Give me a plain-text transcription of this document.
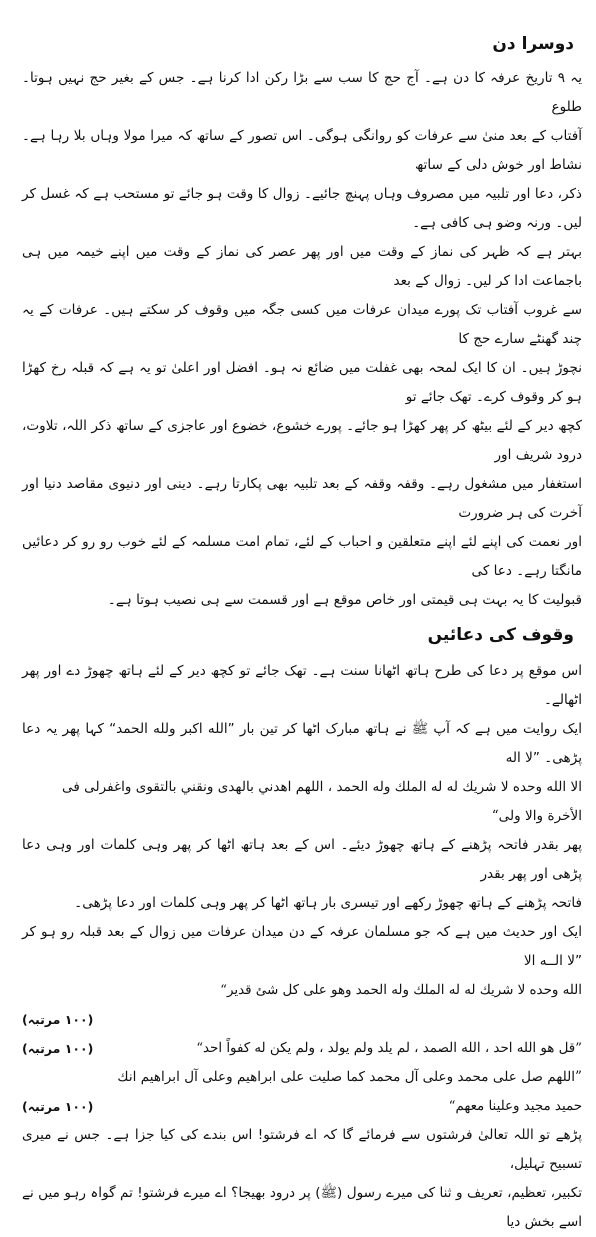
دوسرا دن

یہ ۹ تاریخ عرفہ کا دن ہے۔ آج حج کا سب سے بڑا رکن ادا کرنا ہے۔ جس کے بغیر حج نہیں ہوتا۔ طلوع

آفتاب کے بعد منیٰ سے عرفات کو روانگی ہوگی۔ اس تصور کے ساتھ کہ میرا مولا وہاں بلا رہا ہے۔ نشاط اور خوش دلی کے ساتھ

ذکر، دعا اور تلبیہ میں مصروف وہاں پہنچ جائیے۔ زوال کا وقت ہو جائے تو مستحب ہے کہ غسل کر لیں۔ ورنہ وضو ہی کافی ہے۔

بہتر ہے کہ ظہر کی نماز کے وقت میں اور پھر عصر کی نماز کے وقت میں اپنے خیمہ میں ہی باجماعت ادا کر لیں۔ زوال کے بعد

سے غروب آفتاب تک پورے میدان عرفات میں کسی جگہ میں وقوف کر سکتے ہیں۔ عرفات کے یہ چند گھنٹے سارے حج کا

نچوڑ ہیں۔ ان کا ایک لمحہ بھی غفلت میں ضائع نہ ہو۔ افضل اور اعلیٰ تو یہ ہے کہ قبلہ رخ کھڑا ہو کر وقوف کرے۔ تھک جائے تو

کچھ دیر کے لئے بیٹھ کر پھر کھڑا ہو جائے۔ پورے خشوع، خضوع اور عاجزی کے ساتھ ذکر اللہ، تلاوت، درود شریف اور

استغفار میں مشغول رہے۔ وقفہ وقفہ کے بعد تلبیہ بھی پکارتا رہے۔ دینی اور دنیوی مقاصد دنیا اور آخرت کی ہر ضرورت

اور نعمت کی اپنے لئے اپنے متعلقین و احباب کے لئے، تمام امت مسلمہ کے لئے خوب رو رو کر دعائیں مانگتا رہے۔ دعا کی

قبولیت کا یہ بہت ہی قیمتی اور خاص موقع ہے اور قسمت سے ہی نصیب ہوتا ہے۔

وقوف کی دعائیں

اس موقع پر دعا کی طرح ہاتھ اٹھانا سنت ہے۔ تھک جائے تو کچھ دیر کے لئے ہاتھ چھوڑ دے اور پھر اٹھالے۔

ایک روایت میں ہے کہ آپ ﷺ نے ہاتھ مبارک اٹھا کر تین بار ”الله اکبر ولله الحمد“ کہا پھر یہ دعا پڑھی۔ ”لا اله

الا الله وحده لا شريك له له الملك وله الحمد ، اللهم اهدني بالهدى ونقني بالتقوى واغفرلى فى

الأخرة والا ولى“

پھر بقدر فاتحہ پڑھنے کے ہاتھ چھوڑ دیئے۔ اس کے بعد ہاتھ اٹھا کر پھر وہی کلمات اور وہی دعا پڑھی اور پھر بقدر

فاتحہ پڑھنے کے ہاتھ چھوڑ رکھے اور تیسری بار ہاتھ اٹھا کر پھر وہی کلمات اور دعا پڑھی۔

ایک اور حدیث میں ہے کہ جو مسلمان عرفہ کے دن میدان عرفات میں زوال کے بعد قبلہ رو ہو کر ”لا الــه الا

الله وحده لا شريك له له الملك وله الحمد وهو على كل شئ قدير“
(۱۰۰ مرتبہ)
”قل هو الله احد ، الله الصمد ، لم يلد ولم يولد ، ولم يكن له كفواً احد“
(۱۰۰ مرتبہ)

”اللهم صل على محمد وعلى آل محمد كما صليت على ابراهيم وعلى آل ابراهيم انك

حميد مجيد وعلينا معهم“
(۱۰۰ مرتبہ)

پڑھے تو اللہ تعالیٰ فرشتوں سے فرمائے گا کہ اے فرشتو! اس بندے کی کیا جزا ہے۔ جس نے میری تسبیح تہلیل،

تکبیر، تعظیم، تعریف و ثنا کی میرے رسول (ﷺ) پر درود بھیجا؟ اے میرے فرشتو! تم گواہ رہو میں نے اسے بخش دیا
